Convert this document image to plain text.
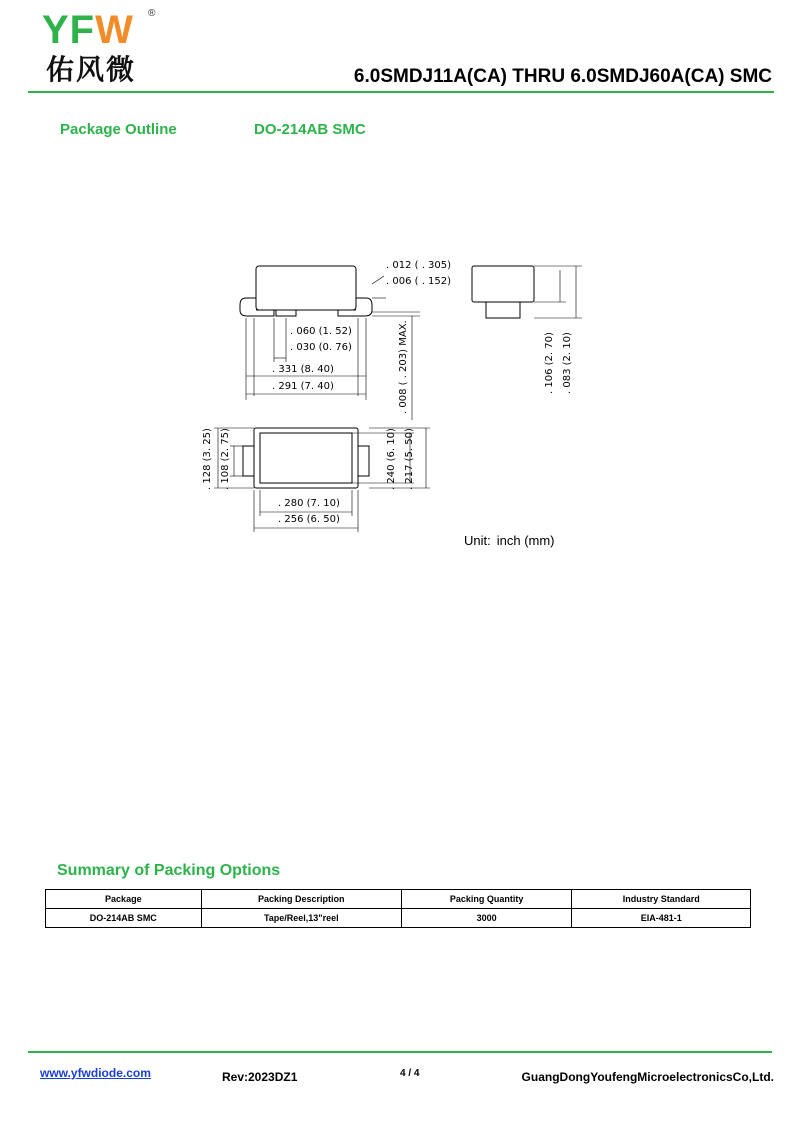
YFW ®
佑风微	6.0SMDJ11A(CA) THRU 6.0SMDJ60A(CA) SMC
Package Outline	DO-214AB SMC
. 012 ( . 305)
. 006 ( . 152)
. 060 (1. 52)
. 030 (0. 76)
. 331 (8. 40)
. 291 (7. 40)	. 008 ( . 203) MAX.	. 106 (2. 70) . 083 (2. 10)
. 128 (3. 25) . 108 (2. 75)	. 240 (6. 10) . 217 (5. 50)
. 280 (7. 10)
. 256 (6. 50)
Unit: inch (mm)
Summary of Packing Options
Package	Packing Description	Packing Quantity	Industry Standard
DO-214AB SMC	Tape/Reel,13"reel	3000	EIA-481-1
www.yfwdiode.com	Rev:2023DZ1	4 / 4	GuangDongYoufengMicroelectronicsCo,Ltd.
